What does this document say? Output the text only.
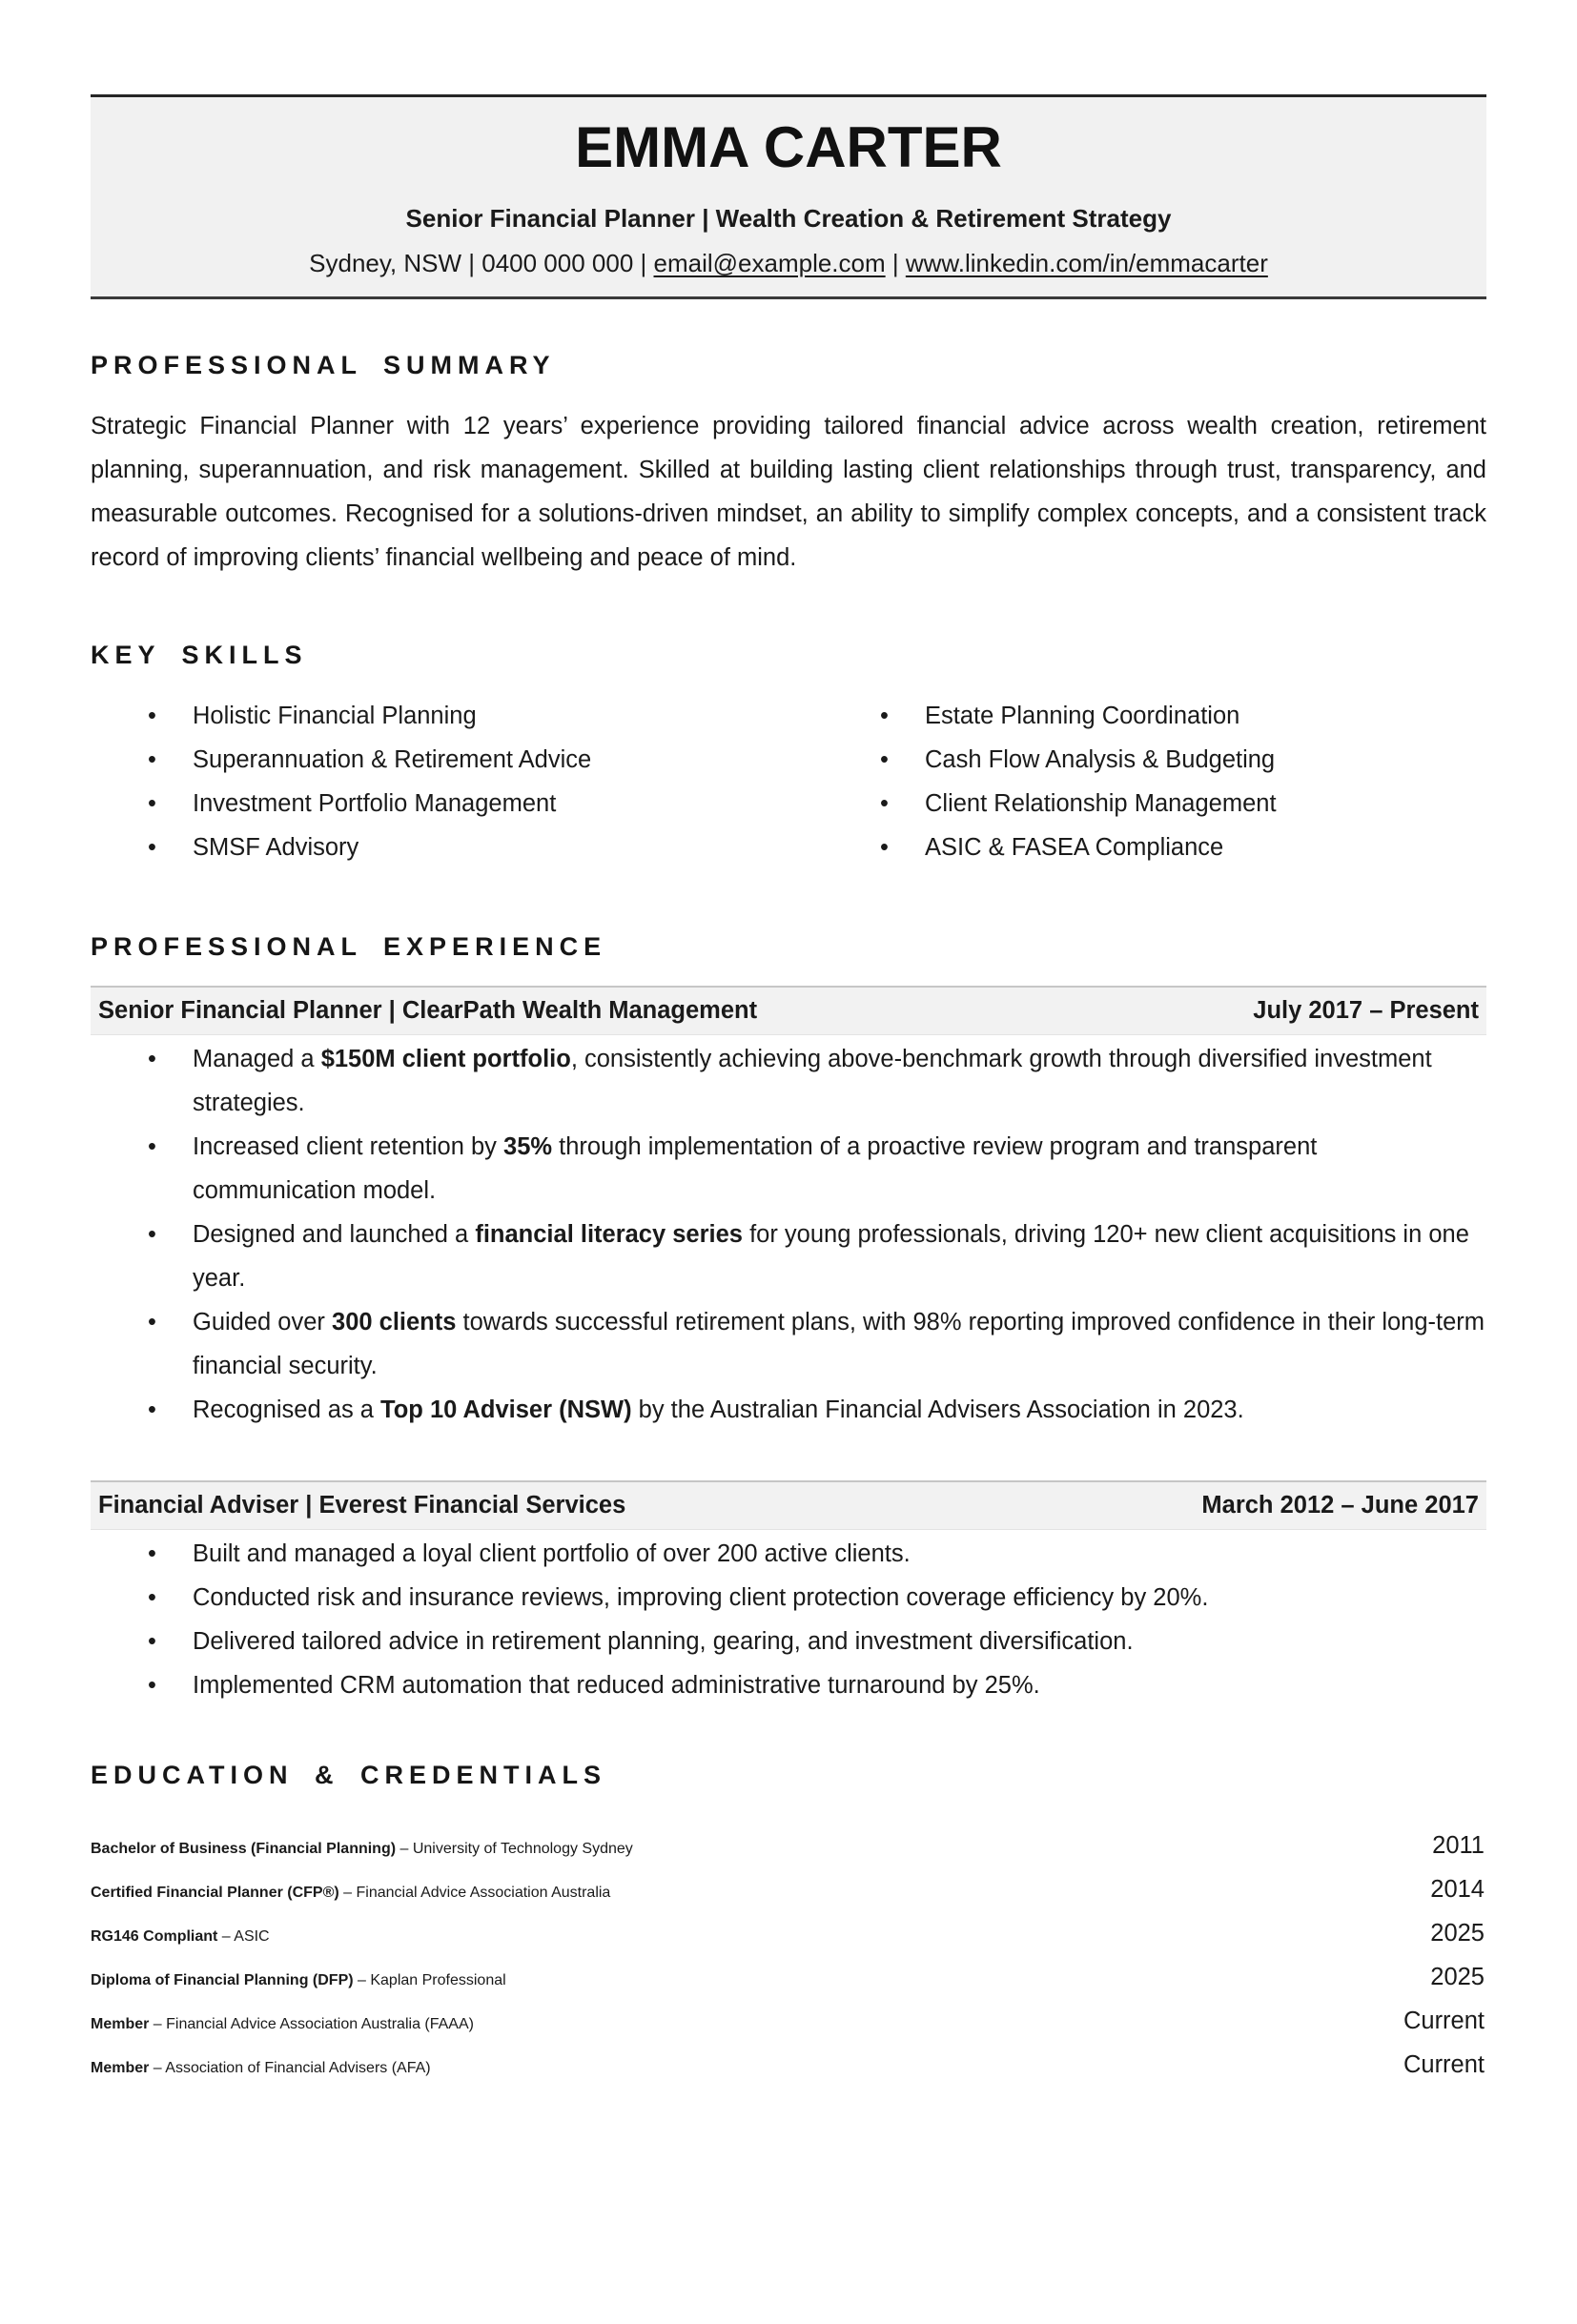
EMMA CARTER
Senior Financial Planner | Wealth Creation & Retirement Strategy
Sydney, NSW | 0400 000 000 | email@example.com | www.linkedin.com/in/emmacarter
PROFESSIONAL SUMMARY

Strategic Financial Planner with 12 years’ experience providing tailored financial advice across wealth creation, retirement planning, superannuation, and risk management. Skilled at building lasting client relationships through trust, transparency, and measurable outcomes. Recognised for a solutions-driven mindset, an ability to simplify complex concepts, and a consistent track record of improving clients’ financial wellbeing and peace of mind.

KEY SKILLS
• Holistic Financial Planning
• Superannuation & Retirement Advice
• Investment Portfolio Management
• SMSF Advisory
• Estate Planning Coordination
• Cash Flow Analysis & Budgeting
• Client Relationship Management
• ASIC & FASEA Compliance
PROFESSIONAL EXPERIENCE
Senior Financial Planner | ClearPath Wealth Management	July 2017 – Present
• Managed a $150M client portfolio, consistently achieving above-benchmark growth through diversified investment strategies.
• Increased client retention by 35% through implementation of a proactive review program and transparent communication model.
• Designed and launched a financial literacy series for young professionals, driving 120+ new client acquisitions in one year.
• Guided over 300 clients towards successful retirement plans, with 98% reporting improved confidence in their long-term financial security.
• Recognised as a Top 10 Adviser (NSW) by the Australian Financial Advisers Association in 2023.
Financial Adviser | Everest Financial Services	March 2012 – June 2017
• Built and managed a loyal client portfolio of over 200 active clients.
• Conducted risk and insurance reviews, improving client protection coverage efficiency by 20%.
• Delivered tailored advice in retirement planning, gearing, and investment diversification.
• Implemented CRM automation that reduced administrative turnaround by 25%.
EDUCATION & CREDENTIALS
Bachelor of Business (Financial Planning) – University of Technology Sydney	2011
Certified Financial Planner (CFP®) – Financial Advice Association Australia	2014
RG146 Compliant – ASIC	2025
Diploma of Financial Planning (DFP) – Kaplan Professional	2025
Member – Financial Advice Association Australia (FAAA)	Current
Member – Association of Financial Advisers (AFA)	Current
